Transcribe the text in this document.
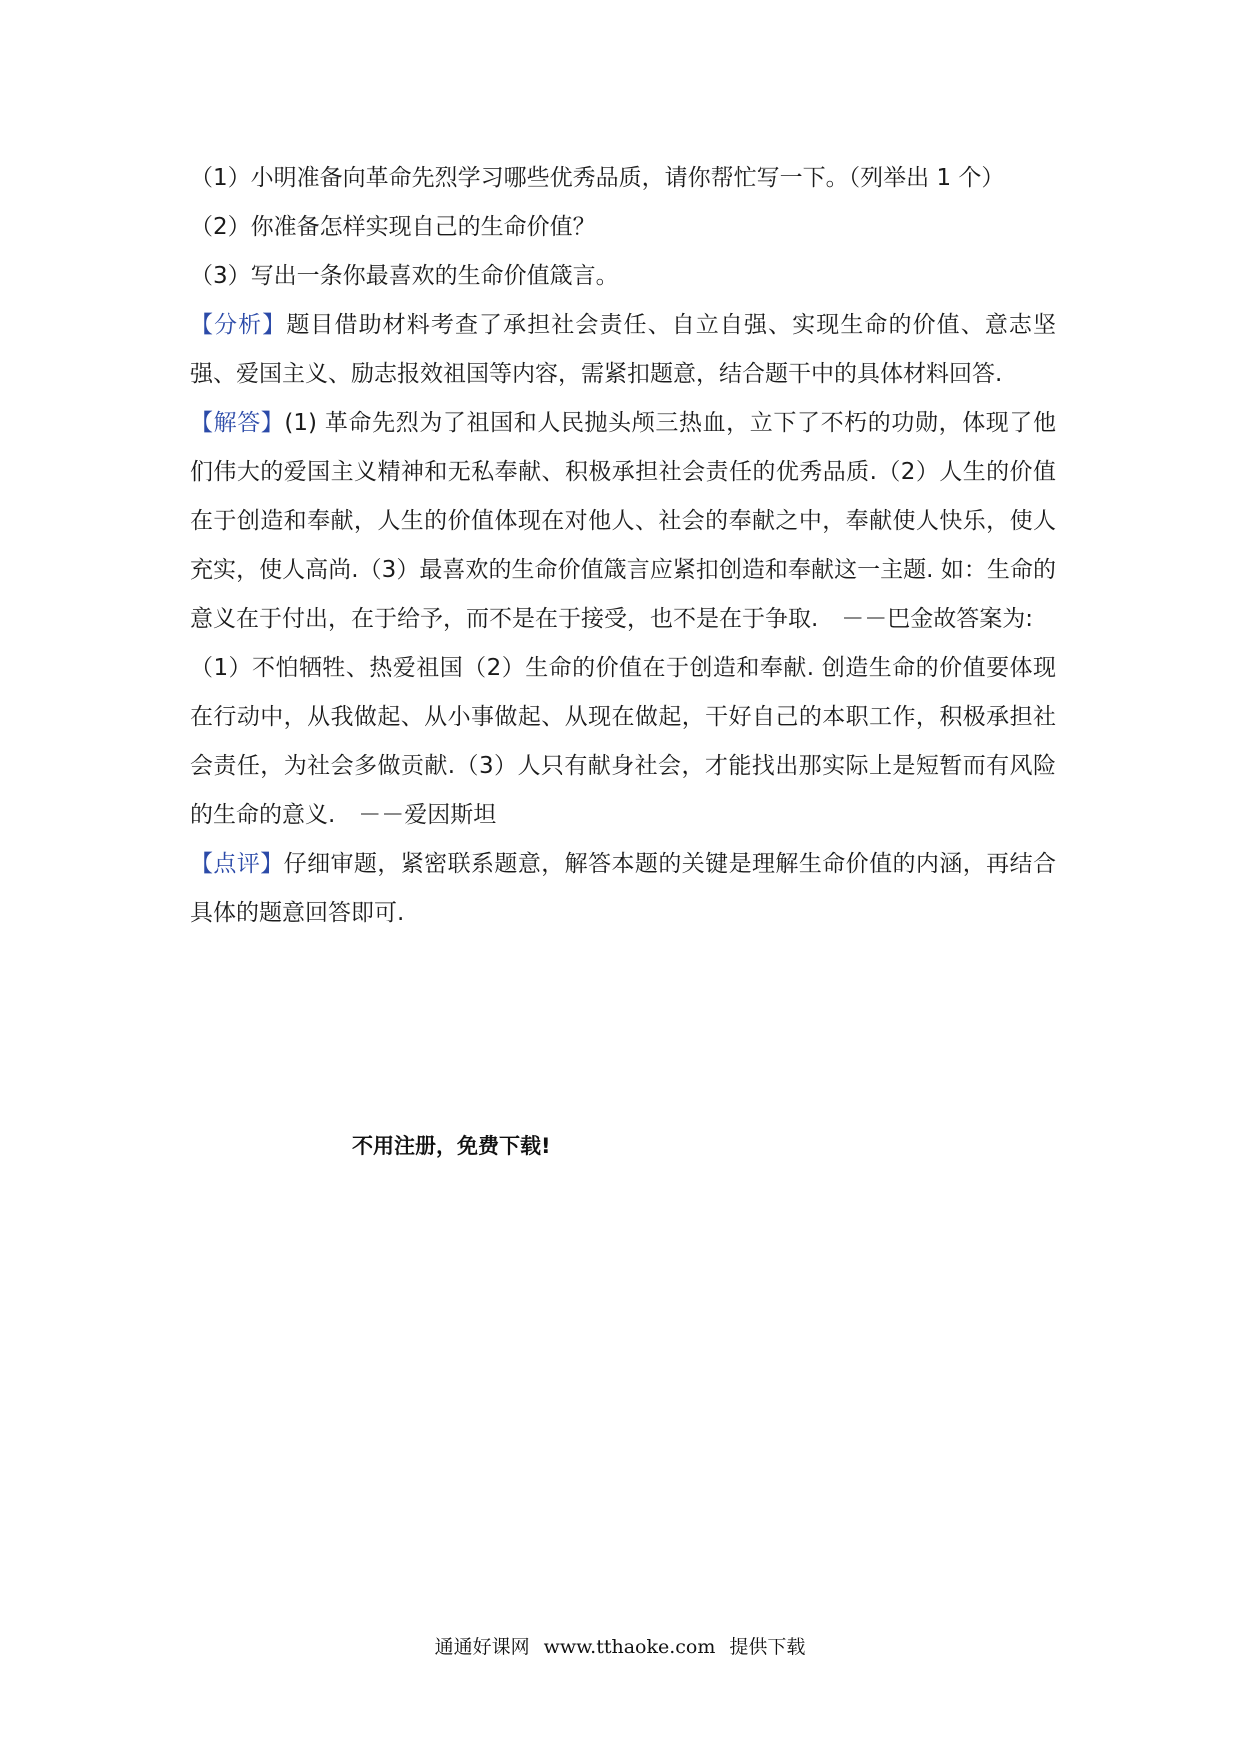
（1）小明准备向革命先烈学习哪些优秀品质，请你帮忙写一下。（列举出 1 个）

（2）你准备怎样实现自己的生命价值？

（3）写出一条你最喜欢的生命价值箴言。

【分析】题目借助材料考查了承担社会责任、自立自强、实现生命的价值、意志坚强、爱国主义、励志报效祖国等内容，需紧扣题意，结合题干中的具体材料回答.

【解答】(1) 革命先烈为了祖国和人民抛头颅三热血，立下了不朽的功勋，体现了他们伟大的爱国主义精神和无私奉献、积极承担社会责任的优秀品质.（2）人生的价值在于创造和奉献，人生的价值体现在对他人、社会的奉献之中，奉献使人快乐，使人充实，使人高尚.（3）最喜欢的生命价值箴言应紧扣创造和奉献这一主题. 如：生命的意义在于付出，在于给予，而不是在于接受，也不是在于争取.　－－巴金故答案为:

（1）不怕牺牲、热爱祖国（2）生命的价值在于创造和奉献. 创造生命的价值要体现在行动中，从我做起、从小事做起、从现在做起，干好自己的本职工作，积极承担社会责任，为社会多做贡献.（3）人只有献身社会，才能找出那实际上是短暂而有风险的生命的意义.　－－爱因斯坦

【点评】仔细审题，紧密联系题意，解答本题的关键是理解生命价值的内涵，再结合具体的题意回答即可.

不用注册，免费下载!
通通好课网 www.tthaoke.com 提供下载
